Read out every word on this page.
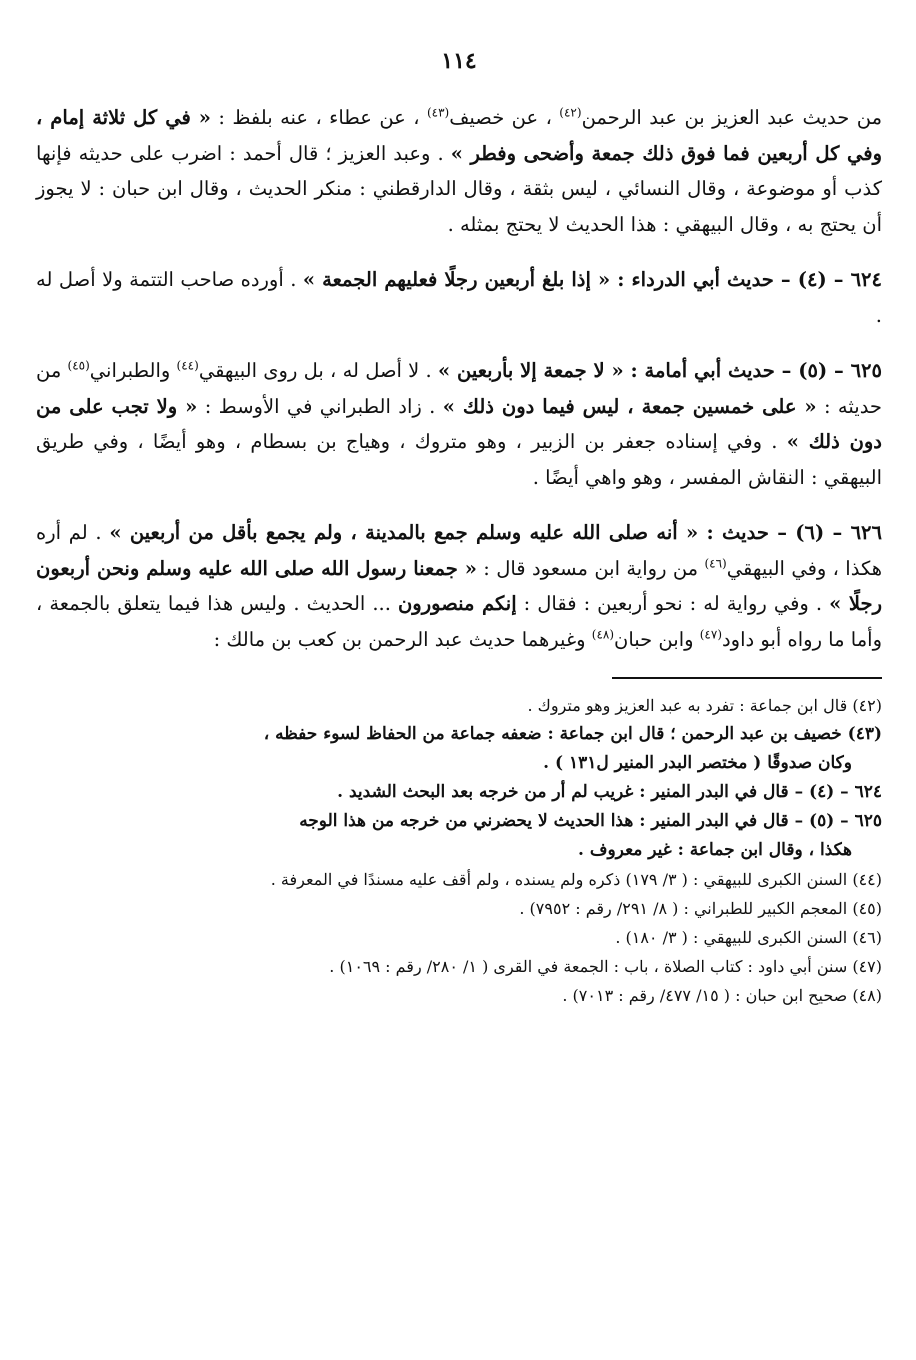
١١٤

من حديث عبد العزيز بن عبد الرحمن$^{(٤٢)}$ ، عن خصيف$^{(٤٣)}$ ، عن عطاء ، عنه بلفظ : « في كل ثلاثة إمام ، وفي كل أربعين فما فوق ذلك جمعة وأضحى وفطر » . وعبد العزيز ؛ قال أحمد : اضرب على حديثه فإنها كذب أو موضوعة ، وقال النسائي ، ليس بثقة ، وقال الدارقطني : منكر الحديث ، وقال ابن حبان : لا يجوز أن يحتج به ، وقال البيهقي : هذا الحديث لا يحتج بمثله .

٦٢٤ – (٤) – حديث أبي الدرداء : « إذا بلغ أربعين رجلًا فعليهم الجمعة » . أورده صاحب التتمة ولا أصل له .

٦٢٥ – (٥) – حديث أبي أمامة : « لا جمعة إلا بأربعين » . لا أصل له ، بل روى البيهقي$^{(٤٤)}$ والطبراني$^{(٤٥)}$ من حديثه : « على خمسين جمعة ، ليس فيما دون ذلك » . زاد الطبراني في الأوسط : « ولا تجب على من دون ذلك » . وفي إسناده جعفر بن الزبير ، وهو متروك ، وهياج بن بسطام ، وهو أيضًا ، وفي طريق البيهقي : النقاش المفسر ، وهو واهي أيضًا .

٦٢٦ – (٦) – حديث : « أنه صلى الله عليه وسلم جمع بالمدينة ، ولم يجمع بأقل من أربعين » . لم أره هكذا ، وفي البيهقي$^{(٤٦)}$ من رواية ابن مسعود قال : « جمعنا رسول الله صلى الله عليه وسلم ونحن أربعون رجلًا » . وفي رواية له : نحو أربعين : فقال : إنكم منصورون ... الحديث . وليس هذا فيما يتعلق بالجمعة ، وأما ما رواه أبو داود$^{(٤٧)}$ وابن حبان$^{(٤٨)}$ وغيرهما حديث عبد الرحمن بن كعب بن مالك :

(٤٢) قال ابن جماعة : تفرد به عبد العزيز وهو متروك .

(٤٣) خصيف بن عبد الرحمن ؛ قال ابن جماعة : ضعفه جماعة من الحفاظ لسوء حفظه ،
وكان صدوقًا ( مختصر البدر المنير ل١٣١ ) .

٦٢٤ – (٤) – قال في البدر المنير : غريب لم أر من خرجه بعد البحث الشديد .

٦٢٥ – (٥) – قال في البدر المنير : هذا الحديث لا يحضرني من خرجه من هذا الوجه
هكذا ، وقال ابن جماعة : غير معروف .

(٤٤) السنن الكبرى للبيهقي : ( ٣/ ١٧٩) ذكره ولم يسنده ، ولم أقف عليه مسندًا في المعرفة .

(٤٥) المعجم الكبير للطبراني : ( ٨/ ٢٩١/ رقم : ٧٩٥٢) .

(٤٦) السنن الكبرى للبيهقي : ( ٣/ ١٨٠) .

(٤٧) سنن أبي داود : كتاب الصلاة ، باب : الجمعة في القرى ( ١/ ٢٨٠/ رقم : ١٠٦٩) .

(٤٨) صحيح ابن حبان : ( ١٥/ ٤٧٧/ رقم : ٧٠١٣) .
